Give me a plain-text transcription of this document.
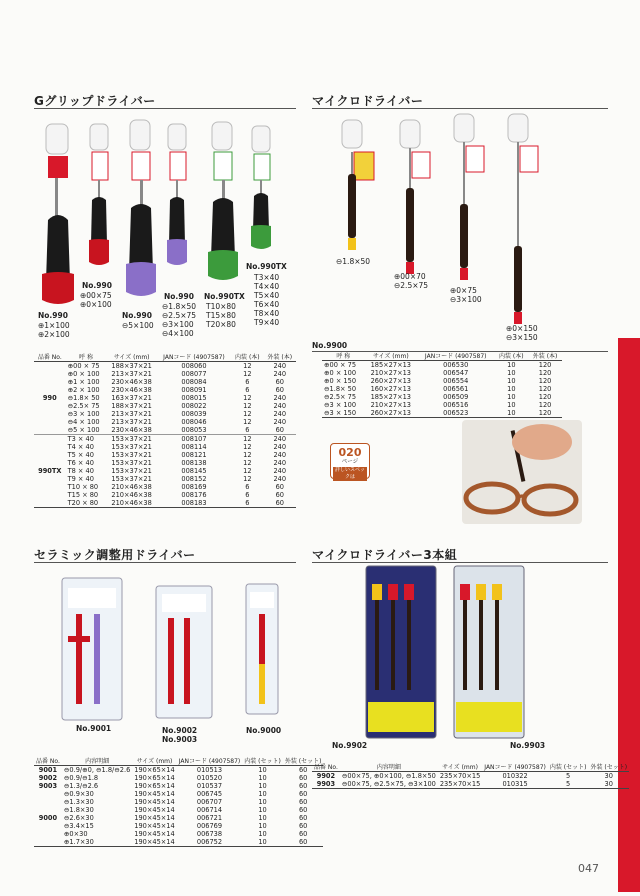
Gグリップドライバー	マイクロドライバー
セラミック調整用ドライバー	マイクロドライバー3本組
No.990
⊕1×100
⊕2×100
No.990
⊕00×75
⊕0×100
No.990
⊖5×100
No.990
⊖1.8×50
⊖2.5×75
⊖3×100
⊖4×100
No.990TX
T10×80
T15×80
T20×80
No.990TX
T3×40
T4×40
T5×40
T6×40
T8×40
T9×40
品番 No.	呼 称	サイズ (mm)	JANコード (4907587)	内装 (本)	外装 (本)
990	⊕00 × 75	188×37×21	008060	12	240
	⊕0 × 100	213×37×21	008077	12	240
	⊕1 × 100	230×46×38	008084	6	60
	⊕2 × 100	230×46×38	008091	6	60
	⊖1.8× 50	163×37×21	008015	12	240
	⊖2.5× 75	188×37×21	008022	12	240
	⊖3 × 100	213×37×21	008039	12	240
	⊖4 × 100	213×37×21	008046	12	240
	⊖5 × 100	230×46×38	008053	6	60
990TX	T3 × 40	153×37×21	008107	12	240
	T4 × 40	153×37×21	008114	12	240
	T5 × 40	153×37×21	008121	12	240
	T6 × 40	153×37×21	008138	12	240
	T8 × 40	153×37×21	008145	12	240
	T9 × 40	153×37×21	008152	12	240
	T10 × 80	210×46×38	008169	6	60
	T15 × 80	210×46×38	008176	6	60
	T20 × 80	210×46×38	008183	6	60
⊖1.8×50
⊕00×70
⊖2.5×75
⊕0×75
⊖3×100
⊕0×150
⊖3×150
No.9900
呼 称	サイズ (mm)	JANコード (4907587)	内装 (本)	外装 (本)
⊕00 × 75	185×27×13	006530	10	120
⊕0 × 100	210×27×13	006547	10	120
⊕0 × 150	260×27×13	006554	10	120
⊖1.8× 50	160×27×13	006561	10	120
⊖2.5× 75	185×27×13	006509	10	120
⊖3 × 100	210×27×13	006516	10	120
⊖3 × 150	260×27×13	006523	10	120
020
ページ
詳しいスペックは
No.9001	No.9002
No.9003
No.9000
品番 No.	内容明細	サイズ (mm)	JANコード (4907587)	内装 (セット)	外装 (セット)
9001	⊖0.9/⊕0, ⊖1.8/⊖2.6	190×65×14	010513	10	60
9002	⊖0.9/⊖1.8	190×65×14	010520	10	60
9003	⊖1.3/⊖2.6	190×65×14	010537	10	60
	⊖0.9×30	190×45×14	006745	10	60
	⊖1.3×30	190×45×14	006707	10	60
	⊖1.8×30	190×45×14	006714	10	60
9000	⊖2.6×30	190×45×14	006721	10	60
	⊖3.4×15	190×45×14	006769	10	60
	⊕0×30	190×45×14	006738	10	60
	⊕1.7×30	190×45×14	006752	10	60
No.9902	No.9903
品番 No.	内容明細	サイズ (mm)	JANコード (4907587)	内装 (セット)	外装 (セット)
9902	⊖00×75, ⊕0×100, ⊖1.8×50	235×70×15	010322	5	30
9903	⊖00×75, ⊖2.5×75, ⊖3×100	235×70×15	010315	5	30
047
